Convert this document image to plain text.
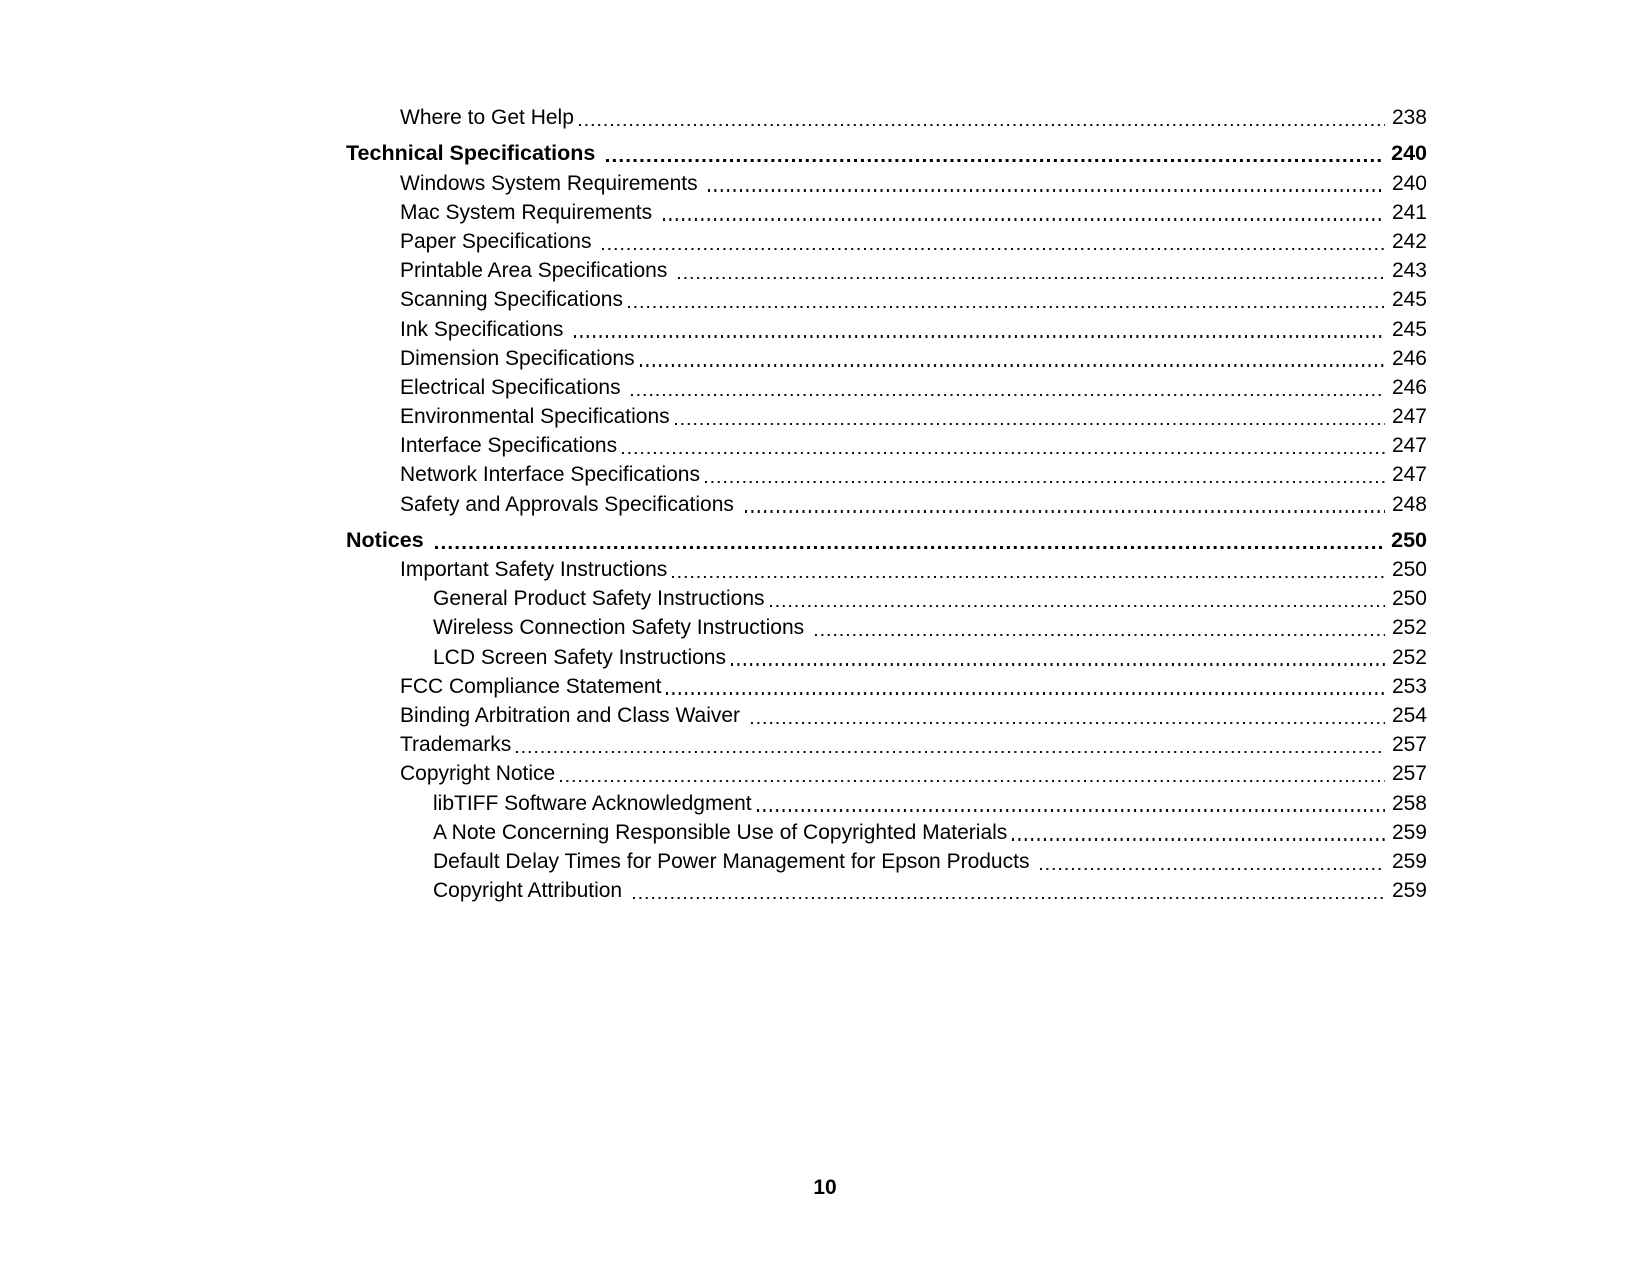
Where to Get Help	238
Technical Specifications	240
Windows System Requirements	240
Mac System Requirements	241
Paper Specifications	242
Printable Area Specifications	243
Scanning Specifications	245
Ink Specifications	245
Dimension Specifications	246
Electrical Specifications	246
Environmental Specifications	247
Interface Specifications	247
Network Interface Specifications	247
Safety and Approvals Specifications	248
Notices	250
Important Safety Instructions	250
General Product Safety Instructions	250
Wireless Connection Safety Instructions	252
LCD Screen Safety Instructions	252
FCC Compliance Statement	253
Binding Arbitration and Class Waiver	254
Trademarks	257
Copyright Notice	257
libTIFF Software Acknowledgment	258
A Note Concerning Responsible Use of Copyrighted Materials	259
Default Delay Times for Power Management for Epson Products	259
Copyright Attribution	259
10
